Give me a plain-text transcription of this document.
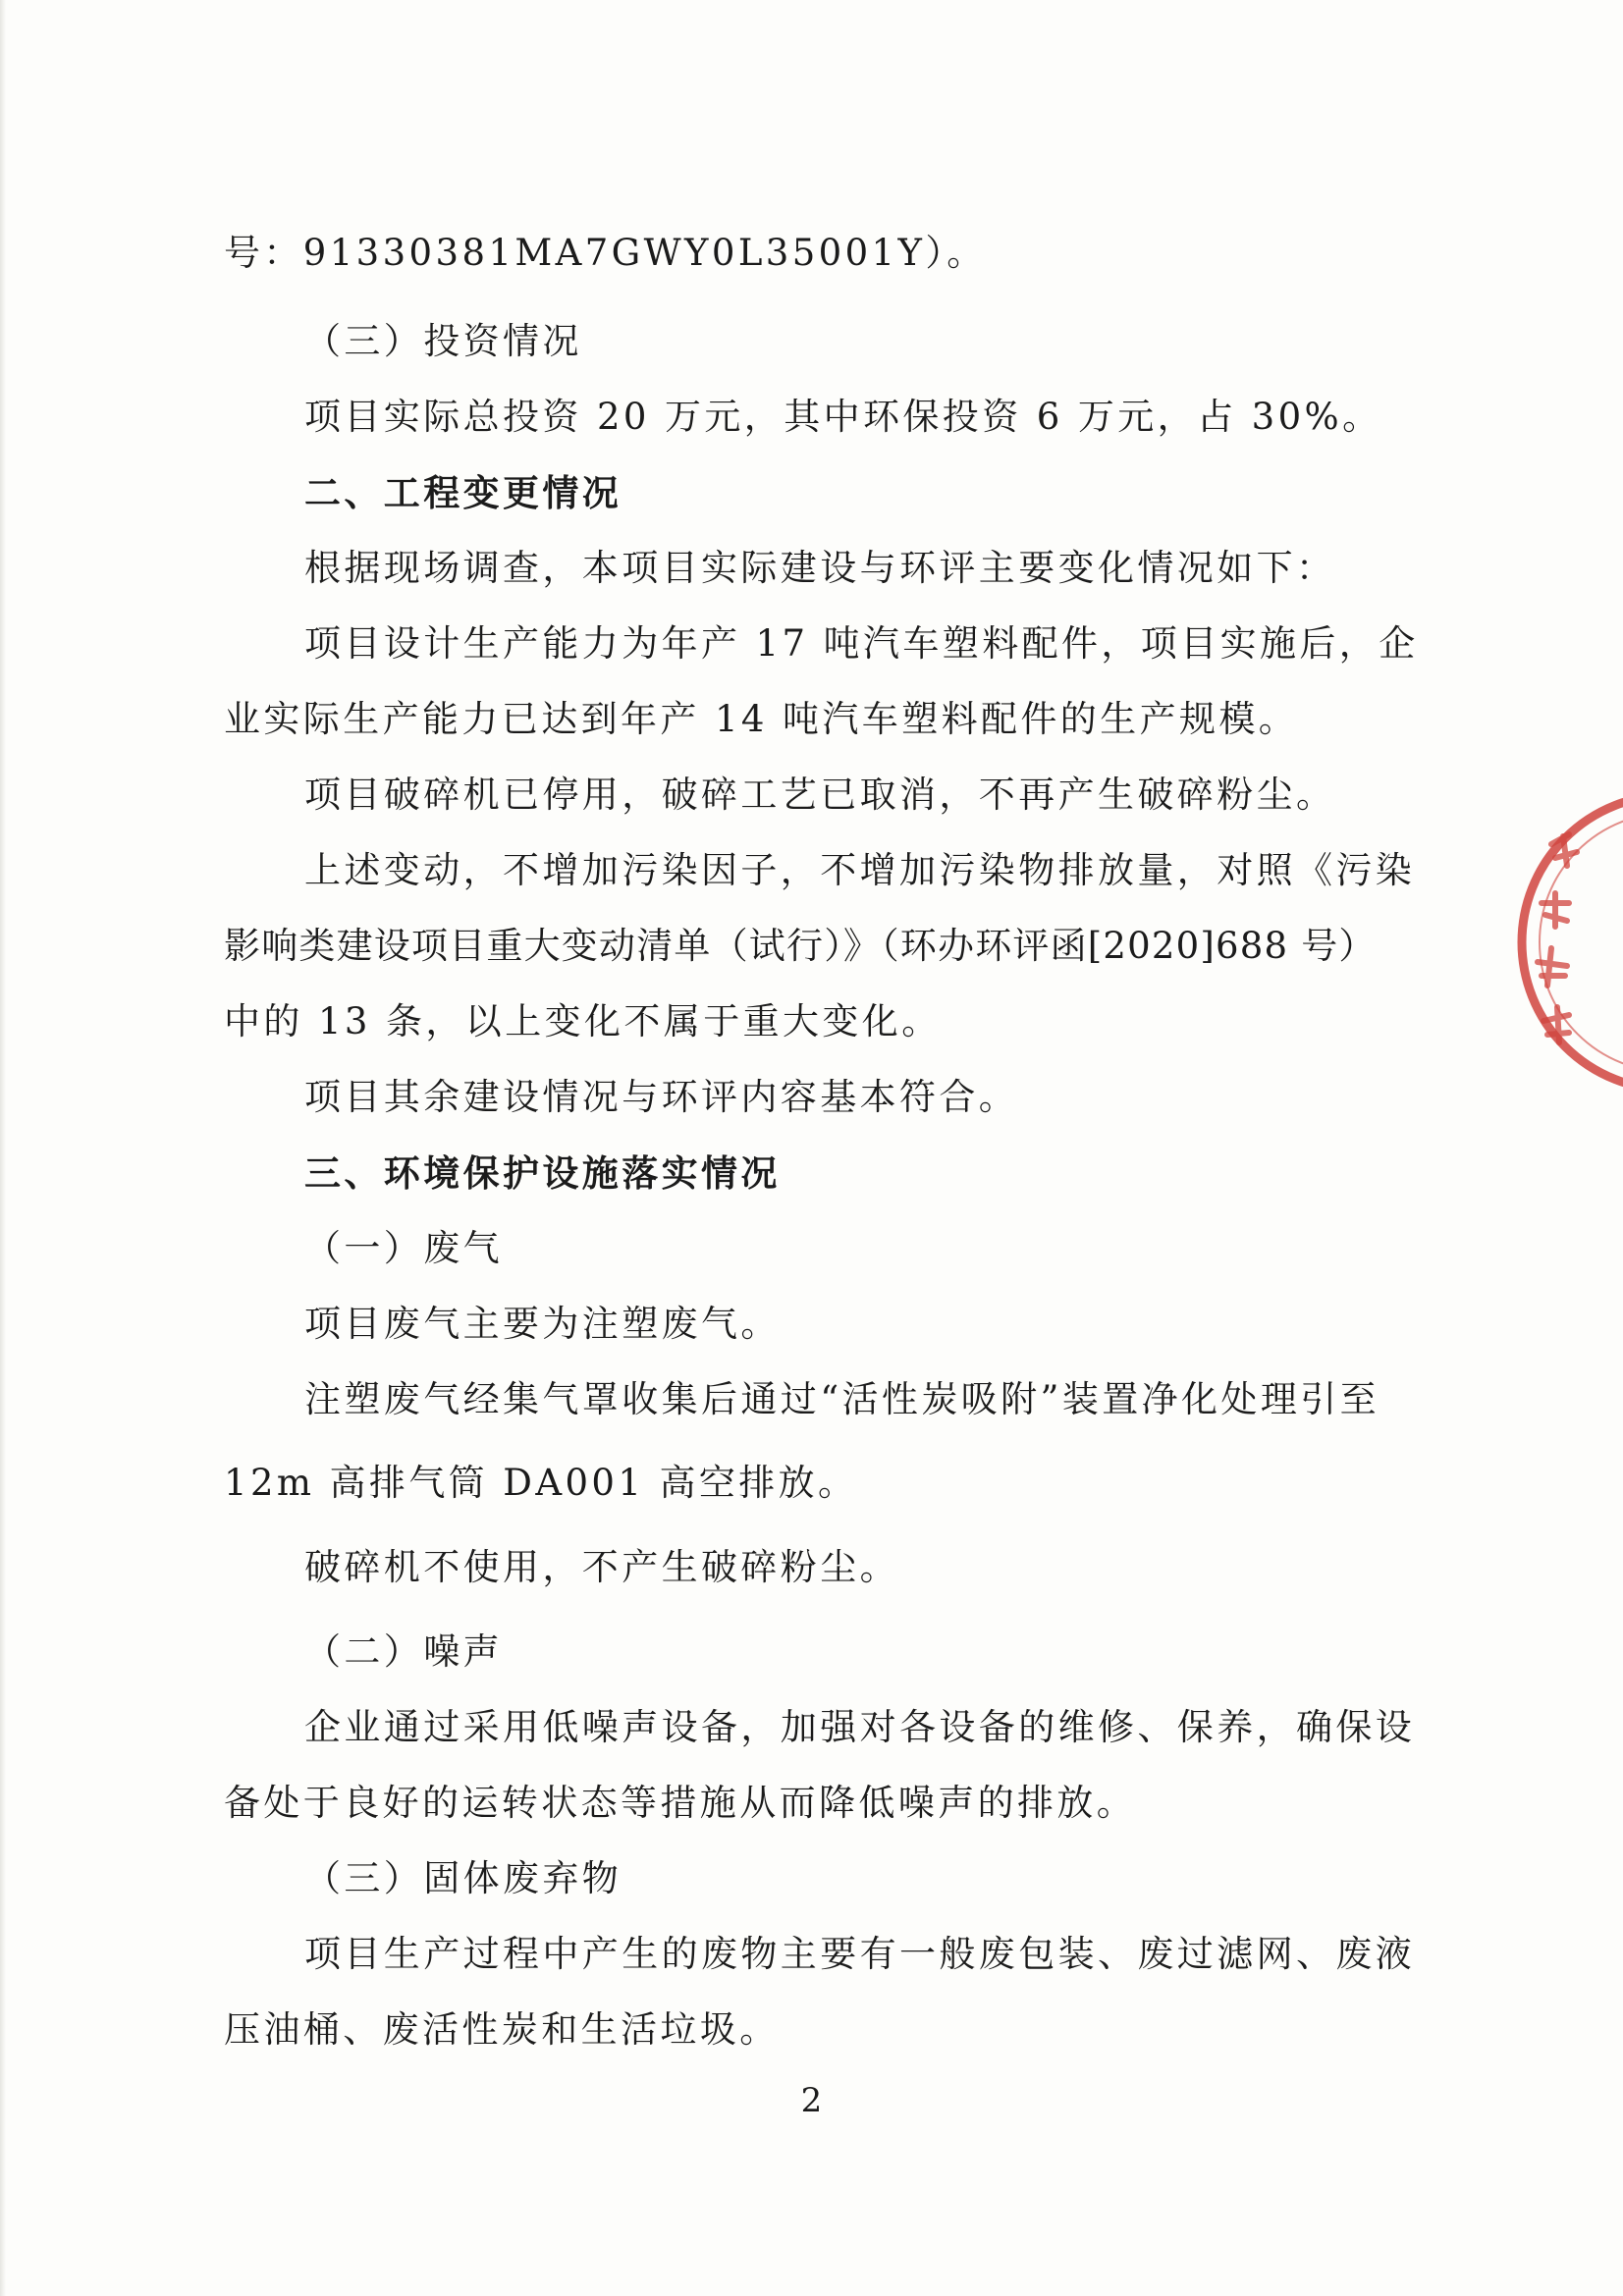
号：91330381MA7GWY0L35001Y）。

（三）投资情况

项目实际总投资 20 万元，其中环保投资 6 万元，占 30%。

二、工程变更情况

根据现场调查，本项目实际建设与环评主要变化情况如下：

项目设计生产能力为年产 17 吨汽车塑料配件，项目实施后，企

业实际生产能力已达到年产 14 吨汽车塑料配件的生产规模。

项目破碎机已停用，破碎工艺已取消，不再产生破碎粉尘。

上述变动，不增加污染因子，不增加污染物排放量，对照《污染

影响类建设项目重大变动清单（试行）》（环办环评函[2020]688 号）

中的 13 条，以上变化不属于重大变化。

项目其余建设情况与环评内容基本符合。

三、环境保护设施落实情况

（一）废气

项目废气主要为注塑废气。

注塑废气经集气罩收集后通过“活性炭吸附”装置净化处理引至

12m 高排气筒 DA001 高空排放。

破碎机不使用，不产生破碎粉尘。

（二）噪声

企业通过采用低噪声设备，加强对各设备的维修、保养，确保设

备处于良好的运转状态等措施从而降低噪声的排放。

（三）固体废弃物

项目生产过程中产生的废物主要有一般废包装、废过滤网、废液

压油桶、废活性炭和生活垃圾。

2
